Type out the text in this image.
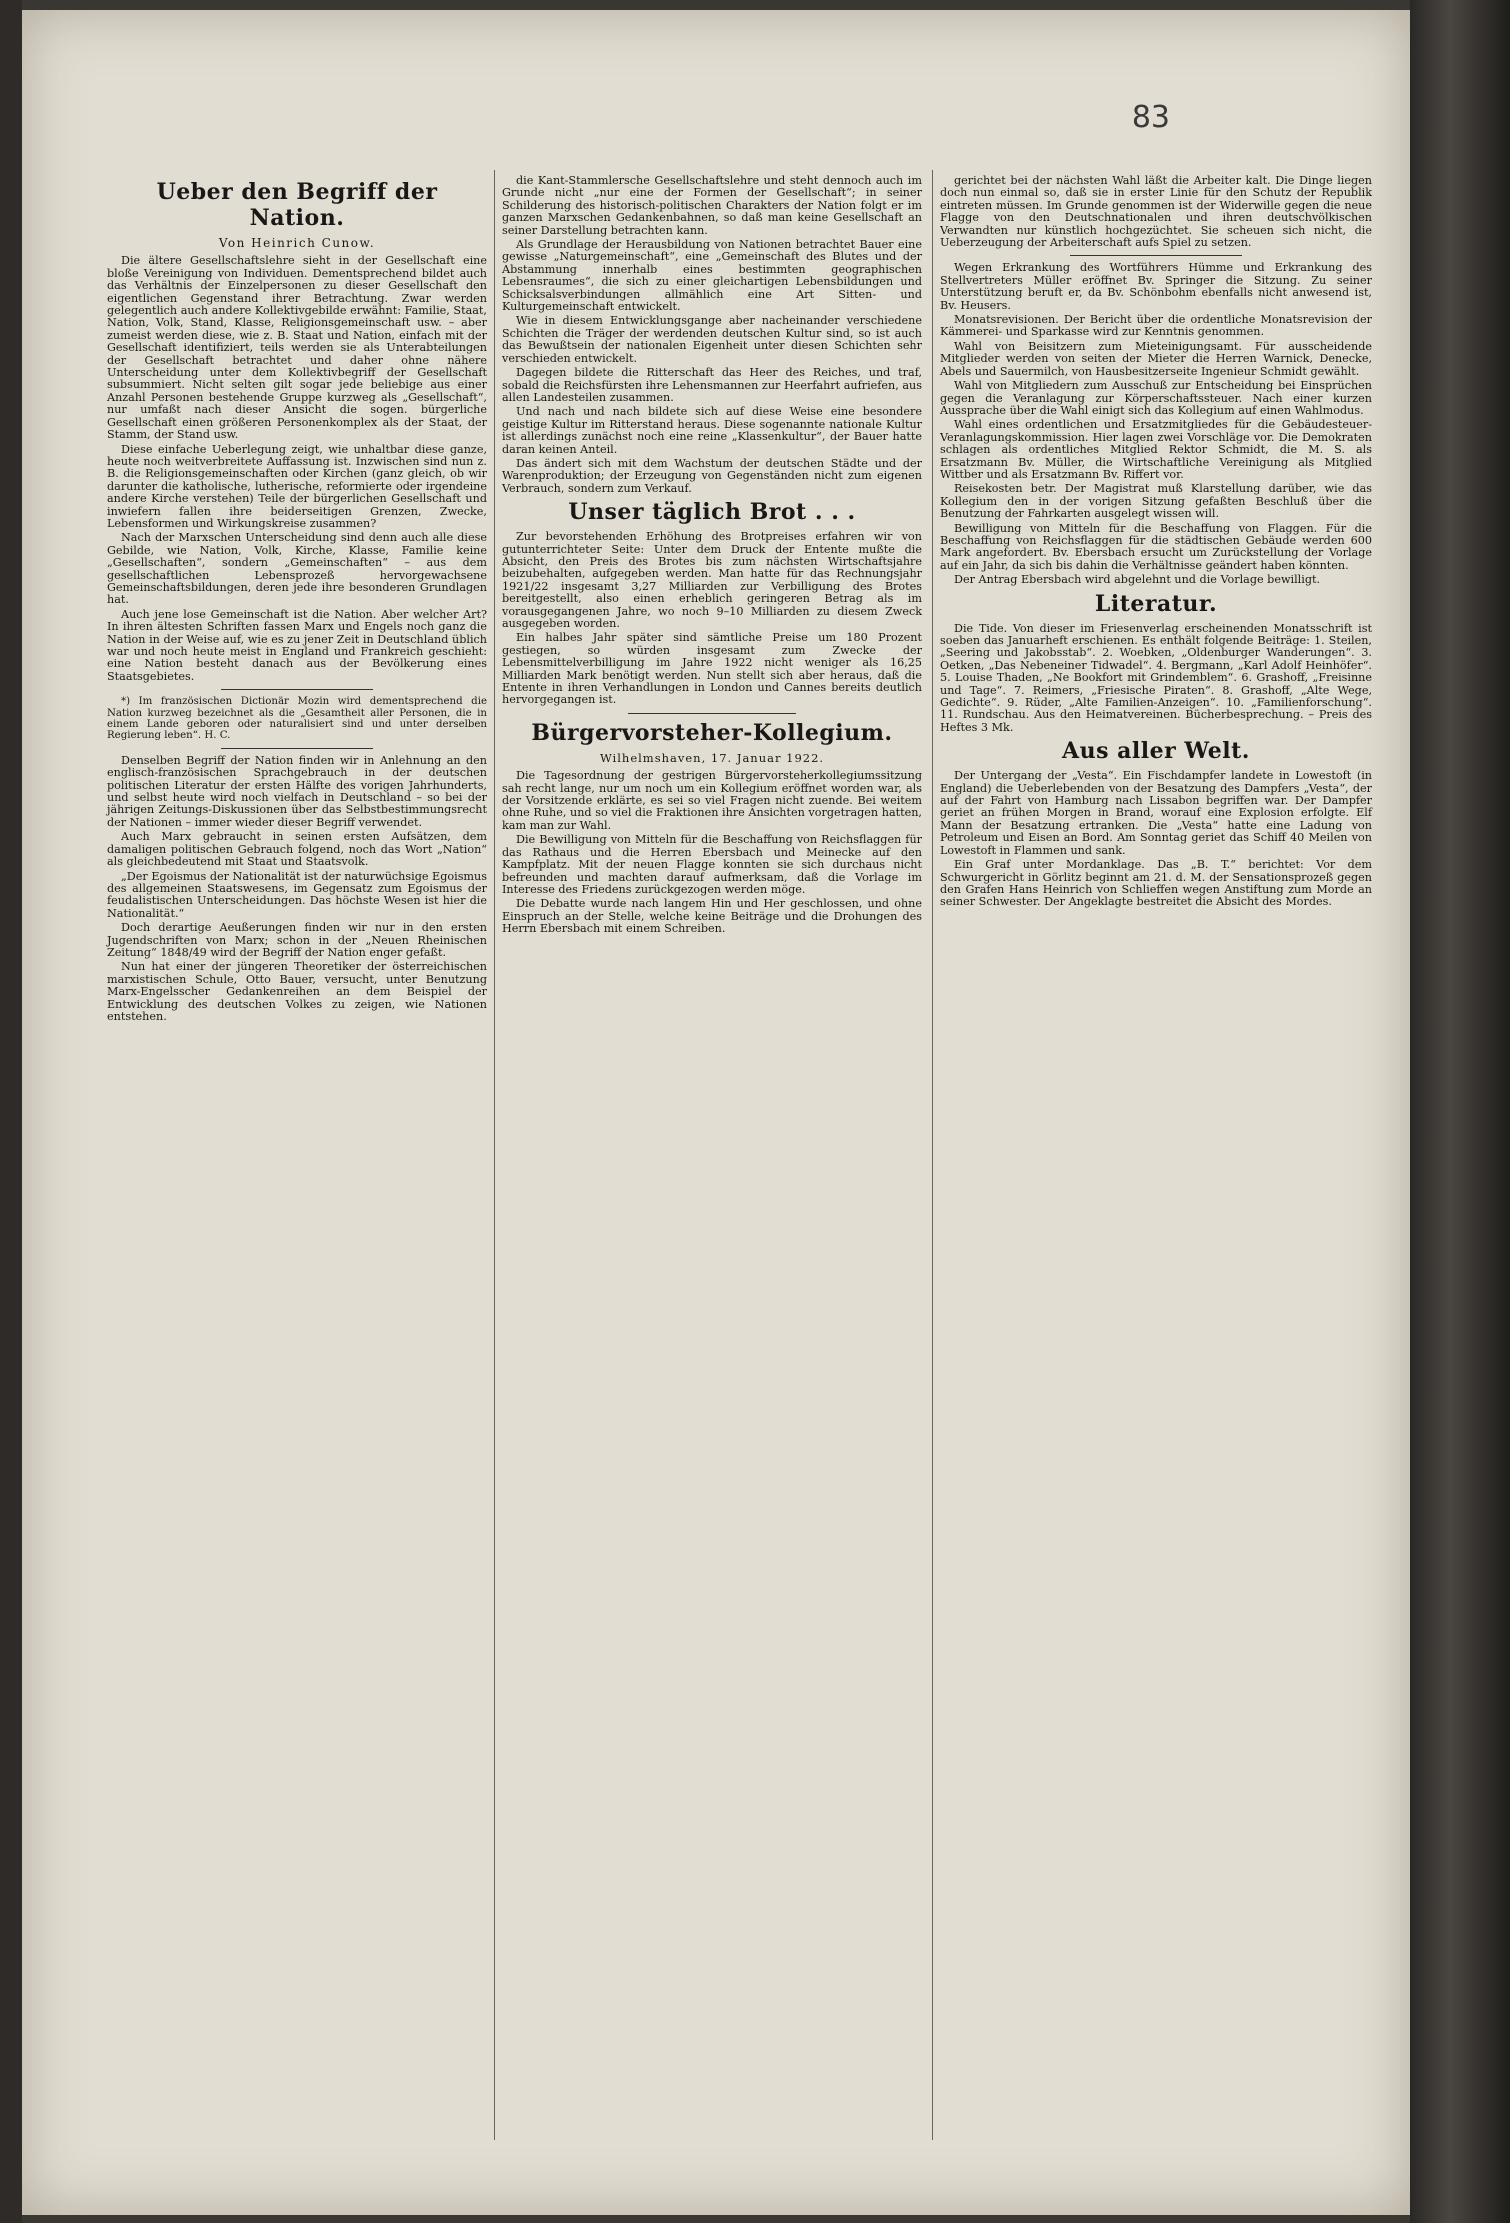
83

Ueber den Begriff der Nation.

Von Heinrich Cunow.

Die ältere Gesellschaftslehre sieht in der Gesellschaft eine bloße Vereinigung von Individuen. Dementsprechend bildet auch das Verhältnis der Einzelpersonen zu dieser Gesellschaft den eigentlichen Gegenstand ihrer Betrachtung. Zwar werden gelegentlich auch andere Kollektivgebilde erwähnt: Familie, Staat, Nation, Volk, Stand, Klasse, Religionsgemeinschaft usw. – aber zumeist werden diese, wie z. B. Staat und Nation, einfach mit der Gesellschaft identifiziert, teils werden sie als Unterabteilungen der Gesellschaft betrachtet und daher ohne nähere Unterscheidung unter dem Kollektivbegriff der Gesellschaft subsummiert. Nicht selten gilt sogar jede beliebige aus einer Anzahl Personen bestehende Gruppe kurzweg als „Gesellschaft“, nur umfaßt nach dieser Ansicht die sogen. bürgerliche Gesellschaft einen größeren Personenkomplex als der Staat, der Stamm, der Stand usw.

Diese einfache Ueberlegung zeigt, wie unhaltbar diese ganze, heute noch weitverbreitete Auffassung ist. Inzwischen sind nun z. B. die Religionsgemeinschaften oder Kirchen (ganz gleich, ob wir darunter die katholische, lutherische, reformierte oder irgendeine andere Kirche verstehen) Teile der bürgerlichen Gesellschaft und inwiefern fallen ihre beiderseitigen Grenzen, Zwecke, Lebensformen und Wirkungskreise zusammen?

Nach der Marxschen Unterscheidung sind denn auch alle diese Gebilde, wie Nation, Volk, Kirche, Klasse, Familie keine „Gesellschaften“, sondern „Gemeinschaften“ – aus dem gesellschaftlichen Lebensprozeß hervorgewachsene Gemeinschaftsbildungen, deren jede ihre besonderen Grundlagen hat.

Auch jene lose Gemeinschaft ist die Nation. Aber welcher Art? In ihren ältesten Schriften fassen Marx und Engels noch ganz die Nation in der Weise auf, wie es zu jener Zeit in Deutschland üblich war und noch heute meist in England und Frankreich geschieht: eine Nation besteht danach aus der Bevölkerung eines Staatsgebietes.

*) Im französischen Dictionär Mozin wird dementsprechend die Nation kurzweg bezeichnet als die „Gesamtheit aller Personen, die in einem Lande geboren oder naturalisiert sind und unter derselben Regierung leben“. H. C.

Denselben Begriff der Nation finden wir in Anlehnung an den englisch-französischen Sprachgebrauch in der deutschen politischen Literatur der ersten Hälfte des vorigen Jahrhunderts, und selbst heute wird noch vielfach in Deutschland – so bei der jährigen Zeitungs-Diskussionen über das Selbstbestimmungsrecht der Nationen – immer wieder dieser Begriff verwendet.

Auch Marx gebraucht in seinen ersten Aufsätzen, dem damaligen politischen Gebrauch folgend, noch das Wort „Nation“ als gleichbedeutend mit Staat und Staatsvolk.

„Der Egoismus der Nationalität ist der naturwüchsige Egoismus des allgemeinen Staatswesens, im Gegensatz zum Egoismus der feudalistischen Unterscheidungen. Das höchste Wesen ist hier die Nationalität.“

Doch derartige Aeußerungen finden wir nur in den ersten Jugendschriften von Marx; schon in der „Neuen Rheinischen Zeitung“ 1848/49 wird der Begriff der Nation enger gefaßt.

Nun hat einer der jüngeren Theoretiker der österreichischen marxistischen Schule, Otto Bauer, versucht, unter Benutzung Marx-Engelsscher Gedankenreihen an dem Beispiel der Entwicklung des deutschen Volkes zu zeigen, wie Nationen entstehen.

die Kant-Stammlersche Gesellschaftslehre und steht dennoch auch im Grunde nicht „nur eine der Formen der Gesellschaft“; in seiner Schilderung des historisch-politischen Charakters der Nation folgt er im ganzen Marxschen Gedankenbahnen, so daß man keine Gesellschaft an seiner Darstellung betrachten kann.

Als Grundlage der Herausbildung von Nationen betrachtet Bauer eine gewisse „Naturgemeinschaft“, eine „Gemeinschaft des Blutes und der Abstammung innerhalb eines bestimmten geographischen Lebensraumes“, die sich zu einer gleichartigen Lebensbildungen und Schicksalsverbindungen allmählich eine Art Sitten- und Kulturgemeinschaft entwickelt.

Wie in diesem Entwicklungsgange aber nacheinander verschiedene Schichten die Träger der werdenden deutschen Kultur sind, so ist auch das Bewußtsein der nationalen Eigenheit unter diesen Schichten sehr verschieden entwickelt.

Dagegen bildete die Ritterschaft das Heer des Reiches, und traf, sobald die Reichsfürsten ihre Lehensmannen zur Heerfahrt aufriefen, aus allen Landesteilen zusammen.

Und nach und nach bildete sich auf diese Weise eine besondere geistige Kultur im Ritterstand heraus. Diese sogenannte nationale Kultur ist allerdings zunächst noch eine reine „Klassenkultur“, der Bauer hatte daran keinen Anteil.

Das ändert sich mit dem Wachstum der deutschen Städte und der Warenproduktion; der Erzeugung von Gegenständen nicht zum eigenen Verbrauch, sondern zum Verkauf.

Unser täglich Brot . . .

Zur bevorstehenden Erhöhung des Brotpreises erfahren wir von gutunterrichteter Seite: Unter dem Druck der Entente mußte die Absicht, den Preis des Brotes bis zum nächsten Wirtschaftsjahre beizubehalten, aufgegeben werden. Man hatte für das Rechnungsjahr 1921/22 insgesamt 3,27 Milliarden zur Verbilligung des Brotes bereitgestellt, also einen erheblich geringeren Betrag als im vorausgegangenen Jahre, wo noch 9–10 Milliarden zu diesem Zweck ausgegeben worden.

Ein halbes Jahr später sind sämtliche Preise um 180 Prozent gestiegen, so würden insgesamt zum Zwecke der Lebensmittelverbilligung im Jahre 1922 nicht weniger als 16,25 Milliarden Mark benötigt werden. Nun stellt sich aber heraus, daß die Entente in ihren Verhandlungen in London und Cannes bereits deutlich hervorgegangen ist.

Bürgervorsteher-Kollegium.

Wilhelmshaven, 17. Januar 1922.

Die Tagesordnung der gestrigen Bürgervorsteherkollegiumssitzung sah recht lange, nur um noch um ein Kollegium eröffnet worden war, als der Vorsitzende erklärte, es sei so viel Fragen nicht zuende. Bei weitem ohne Ruhe, und so viel die Fraktionen ihre Ansichten vorgetragen hatten, kam man zur Wahl.

Die Bewilligung von Mitteln für die Beschaffung von Reichsflaggen für das Rathaus und die Herren Ebersbach und Meinecke auf den Kampfplatz. Mit der neuen Flagge konnten sie sich durchaus nicht befreunden und machten darauf aufmerksam, daß die Vorlage im Interesse des Friedens zurückgezogen werden möge.

Die Debatte wurde nach langem Hin und Her geschlossen, und ohne Einspruch an der Stelle, welche keine Beiträge und die Drohungen des Herrn Ebersbach mit einem Schreiben.

gerichtet bei der nächsten Wahl läßt die Arbeiter kalt. Die Dinge liegen doch nun einmal so, daß sie in erster Linie für den Schutz der Republik eintreten müssen. Im Grunde genommen ist der Widerwille gegen die neue Flagge von den Deutschnationalen und ihren deutschvölkischen Verwandten nur künstlich hochgezüchtet. Sie scheuen sich nicht, die Ueberzeugung der Arbeiterschaft aufs Spiel zu setzen.

Wegen Erkrankung des Wortführers Hümme und Erkrankung des Stellvertreters Müller eröffnet Bv. Springer die Sitzung. Zu seiner Unterstützung beruft er, da Bv. Schönbohm ebenfalls nicht anwesend ist, Bv. Heusers.

Monatsrevisionen. Der Bericht über die ordentliche Monatsrevision der Kämmerei- und Sparkasse wird zur Kenntnis genommen.

Wahl von Beisitzern zum Mieteinigungsamt. Für ausscheidende Mitglieder werden von seiten der Mieter die Herren Warnick, Denecke, Abels und Sauermilch, von Hausbesitzerseite Ingenieur Schmidt gewählt.

Wahl von Mitgliedern zum Ausschuß zur Entscheidung bei Einsprüchen gegen die Veranlagung zur Körperschaftssteuer. Nach einer kurzen Aussprache über die Wahl einigt sich das Kollegium auf einen Wahlmodus.

Wahl eines ordentlichen und Ersatzmitgliedes für die Gebäudesteuer-Veranlagungskommission. Hier lagen zwei Vorschläge vor. Die Demokraten schlagen als ordentliches Mitglied Rektor Schmidt, die M. S. als Ersatzmann Bv. Müller, die Wirtschaftliche Vereinigung als Mitglied Wittber und als Ersatzmann Bv. Riffert vor.

Reisekosten betr. Der Magistrat muß Klarstellung darüber, wie das Kollegium den in der vorigen Sitzung gefaßten Beschluß über die Benutzung der Fahrkarten ausgelegt wissen will.

Bewilligung von Mitteln für die Beschaffung von Flaggen. Für die Beschaffung von Reichsflaggen für die städtischen Gebäude werden 600 Mark angefordert. Bv. Ebersbach ersucht um Zurückstellung der Vorlage auf ein Jahr, da sich bis dahin die Verhältnisse geändert haben könnten.

Der Antrag Ebersbach wird abgelehnt und die Vorlage bewilligt.

Literatur.

Die Tide. Von dieser im Friesenverlag erscheinenden Monatsschrift ist soeben das Januarheft erschienen. Es enthält folgende Beiträge: 1. Steilen, „Seering und Jakobsstab“. 2. Woebken, „Oldenburger Wanderungen“. 3. Oetken, „Das Nebeneiner Tidwadel“. 4. Bergmann, „Karl Adolf Heinhöfer“. 5. Louise Thaden, „Ne Bookfort mit Grindemblem“. 6. Grashoff, „Freisinne und Tage“. 7. Reimers, „Friesische Piraten“. 8. Grashoff, „Alte Wege, Gedichte“. 9. Rüder, „Alte Familien-Anzeigen“. 10. „Familienforschung“. 11. Rundschau. Aus den Heimatvereinen. Bücherbesprechung. – Preis des Heftes 3 Mk.

Aus aller Welt.

Der Untergang der „Vesta“. Ein Fischdampfer landete in Lowestoft (in England) die Ueberlebenden von der Besatzung des Dampfers „Vesta“, der auf der Fahrt von Hamburg nach Lissabon begriffen war. Der Dampfer geriet an frühen Morgen in Brand, worauf eine Explosion erfolgte. Elf Mann der Besatzung ertranken. Die „Vesta“ hatte eine Ladung von Petroleum und Eisen an Bord. Am Sonntag geriet das Schiff 40 Meilen von Lowestoft in Flammen und sank.

Ein Graf unter Mordanklage. Das „B. T.“ berichtet: Vor dem Schwurgericht in Görlitz beginnt am 21. d. M. der Sensationsprozeß gegen den Grafen Hans Heinrich von Schlieffen wegen Anstiftung zum Morde an seiner Schwester. Der Angeklagte bestreitet die Absicht des Mordes.
